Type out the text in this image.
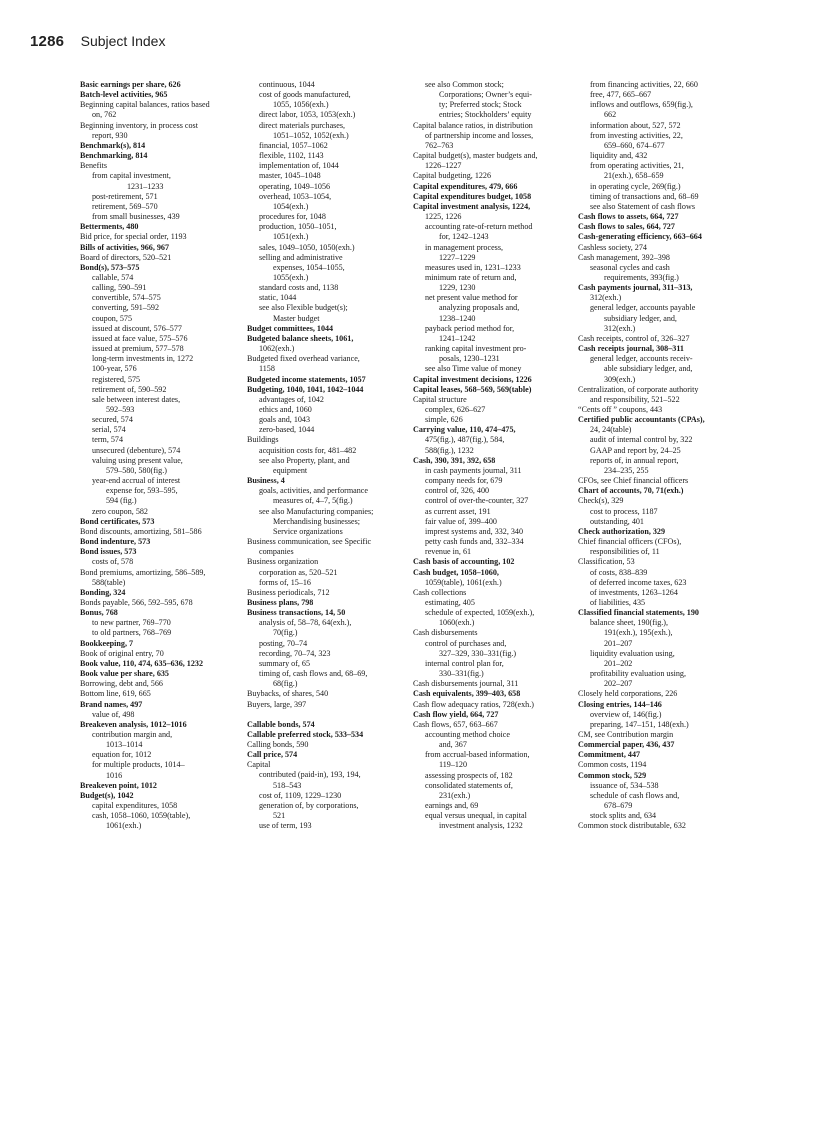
1286 Subject Index
Basic earnings per share, 626
Batch-level activities, 965
Beginning capital balances, ratios based
on, 762
Beginning inventory, in process cost
report, 930
Benchmark(s), 814
Benchmarking, 814
Benefits
from capital investment,
1231–1233
post-retirement, 571
retirement, 569–570
from small businesses, 439
Betterments, 480
Bid price, for special order, 1193
Bills of activities, 966, 967
Board of directors, 520–521
Bond(s), 573–575
callable, 574
calling, 590–591
convertible, 574–575
converting, 591–592
coupon, 575
issued at discount, 576–577
issued at face value, 575–576
issued at premium, 577–578
long-term investments in, 1272
100-year, 576
registered, 575
retirement of, 590–592
sale between interest dates,
592–593
secured, 574
serial, 574
term, 574
unsecured (debenture), 574
valuing using present value,
579–580, 580(fig.)
year-end accrual of interest
expense for, 593–595,
594 (fig.)
zero coupon, 582
Bond certificates, 573
Bond discounts, amortizing, 581–586
Bond indenture, 573
Bond issues, 573
costs of, 578
Bond premiums, amortizing, 586–589,
588(table)
Bonding, 324
Bonds payable, 566, 592–595, 678
Bonus, 768
to new partner, 769–770
to old partners, 768–769
Bookkeeping, 7
Book of original entry, 70
Book value, 110, 474, 635–636, 1232
Book value per share, 635
Borrowing, debt and, 566
Bottom line, 619, 665
Brand names, 497
value of, 498
Breakeven analysis, 1012–1016
contribution margin and,
1013–1014
equation for, 1012
for multiple products, 1014–
1016
Breakeven point, 1012
Budget(s), 1042
capital expenditures, 1058
cash, 1058–1060, 1059(table),
1061(exh.)
continuous, 1044
cost of goods manufactured,
1055, 1056(exh.)
direct labor, 1053, 1053(exh.)
direct materials purchases,
1051–1052, 1052(exh.)
financial, 1057–1062
flexible, 1102, 1143
implementation of, 1044
master, 1045–1048
operating, 1049–1056
overhead, 1053–1054,
1054(exh.)
procedures for, 1048
production, 1050–1051,
1051(exh.)
sales, 1049–1050, 1050(exh.)
selling and administrative
expenses, 1054–1055,
1055(exh.)
standard costs and, 1138
static, 1044
see also Flexible budget(s);
Master budget
Budget committees, 1044
Budgeted balance sheets, 1061,
1062(exh.)
Budgeted fixed overhead variance,
1158
Budgeted income statements, 1057
Budgeting, 1040, 1041, 1042–1044
advantages of, 1042
ethics and, 1060
goals and, 1043
zero-based, 1044
Buildings
acquisition costs for, 481–482
see also Property, plant, and
equipment
Business, 4
goals, activities, and performance
measures of, 4–7, 5(fig.)
see also Manufacturing companies;
Merchandising businesses;
Service organizations
Business communication, see Specific
companies
Business organization
corporation as, 520–521
forms of, 15–16
Business periodicals, 712
Business plans, 798
Business transactions, 14, 50
analysis of, 58–78, 64(exh.),
70(fig.)
posting, 70–74
recording, 70–74, 323
summary of, 65
timing of, cash flows and, 68–69,
68(fig.)
Buybacks, of shares, 540
Buyers, large, 397
Callable bonds, 574
Callable preferred stock, 533–534
Calling bonds, 590
Call price, 574
Capital
contributed (paid-in), 193, 194,
518–543
cost of, 1109, 1229–1230
generation of, by corporations,
521
use of term, 193
see also Common stock;
Corporations; Owner’s equi-
ty; Preferred stock; Stock
entries; Stockholders’ equity
Capital balance ratios, in distribution
of partnership income and losses,
762–763
Capital budget(s), master budgets and,
1226–1227
Capital budgeting, 1226
Capital expenditures, 479, 666
Capital expenditures budget, 1058
Capital investment analysis, 1224,
1225, 1226
accounting rate-of-return method
for, 1242–1243
in management process,
1227–1229
measures used in, 1231–1233
minimum rate of return and,
1229, 1230
net present value method for
analyzing proposals and,
1238–1240
payback period method for,
1241–1242
ranking capital investment pro-
posals, 1230–1231
see also Time value of money
Capital investment decisions, 1226
Capital leases, 568–569, 569(table)
Capital structure
complex, 626–627
simple, 626
Carrying value, 110, 474–475,
475(fig.), 487(fig.), 584,
588(fig.), 1232
Cash, 390, 391, 392, 658
in cash payments journal, 311
company needs for, 679
control of, 326, 400
control of over-the-counter, 327
as current asset, 191
fair value of, 399–400
imprest systems and, 332, 340
petty cash funds and, 332–334
revenue in, 61
Cash basis of accounting, 102
Cash budget, 1058–1060,
1059(table), 1061(exh.)
Cash collections
estimating, 405
schedule of expected, 1059(exh.),
1060(exh.)
Cash disbursements
control of purchases and,
327–329, 330–331(fig.)
internal control plan for,
330–331(fig.)
Cash disbursements journal, 311
Cash equivalents, 399–403, 658
Cash flow adequacy ratios, 728(exh.)
Cash flow yield, 664, 727
Cash flows, 657, 663–667
accounting method choice
and, 367
from accrual-based information,
119–120
assessing prospects of, 182
consolidated statements of,
231(exh.)
earnings and, 69
equal versus unequal, in capital
investment analysis, 1232
from financing activities, 22, 660
free, 477, 665–667
inflows and outflows, 659(fig.),
662
information about, 527, 572
from investing activities, 22,
659–660, 674–677
liquidity and, 432
from operating activities, 21,
21(exh.), 658–659
in operating cycle, 269(fig.)
timing of transactions and, 68–69
see also Statement of cash flows
Cash flows to assets, 664, 727
Cash flows to sales, 664, 727
Cash-generating efficiency, 663–664
Cashless society, 274
Cash management, 392–398
seasonal cycles and cash
requirements, 393(fig.)
Cash payments journal, 311–313,
312(exh.)
general ledger, accounts payable
subsidiary ledger, and,
312(exh.)
Cash receipts, control of, 326–327
Cash receipts journal, 308–311
general ledger, accounts receiv-
able subsidiary ledger, and,
309(exh.)
Centralization, of corporate authority
and responsibility, 521–522
“Cents off ” coupons, 443
Certified public accountants (CPAs),
24, 24(table)
audit of internal control by, 322
GAAP and report by, 24–25
reports of, in annual report,
234–235, 255
CFOs, see Chief financial officers
Chart of accounts, 70, 71(exh.)
Check(s), 329
cost to process, 1187
outstanding, 401
Check authorization, 329
Chief financial officers (CFOs),
responsibilities of, 11
Classification, 53
of costs, 838–839
of deferred income taxes, 623
of investments, 1263–1264
of liabilities, 435
Classified financial statements, 190
balance sheet, 190(fig.),
191(exh.), 195(exh.),
201–207
liquidity evaluation using,
201–202
profitability evaluation using,
202–207
Closely held corporations, 226
Closing entries, 144–146
overview of, 146(fig.)
preparing, 147–151, 148(exh.)
CM, see Contribution margin
Commercial paper, 436, 437
Commitment, 447
Common costs, 1194
Common stock, 529
issuance of, 534–538
schedule of cash flows and,
678–679
stock splits and, 634
Common stock distributable, 632
